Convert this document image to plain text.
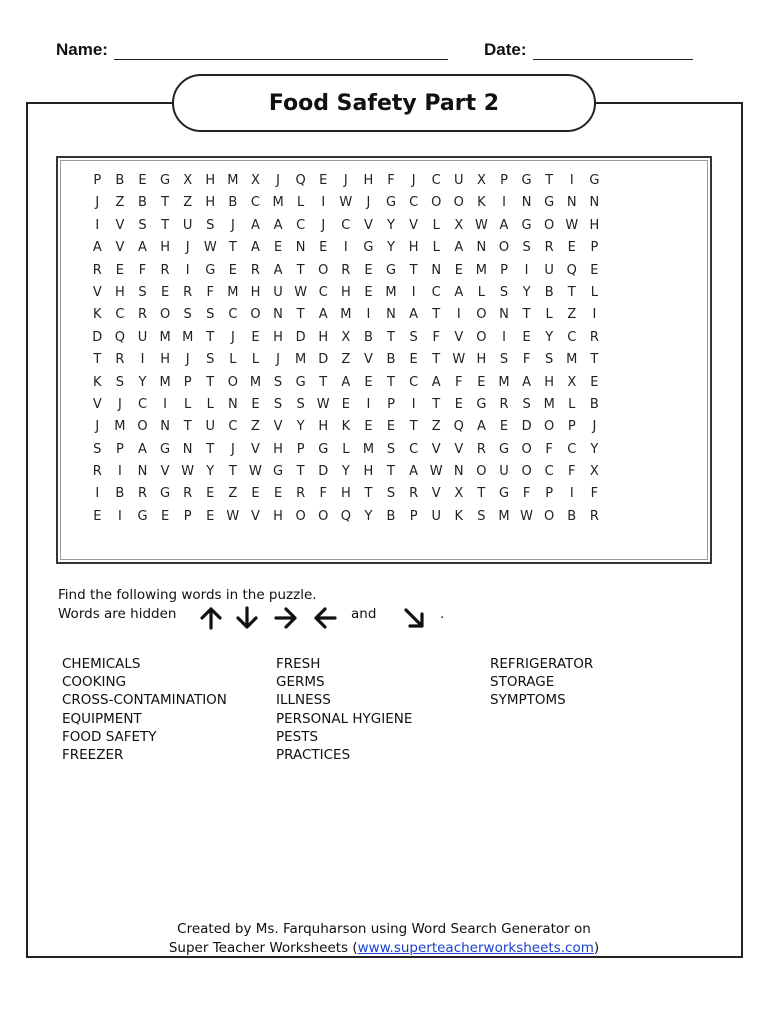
Name:	Date:
Food Safety Part 2
P	B	E	G	X	H M X	J	Q	E	J	H	F	J	C	U	X	P	G	T	I	G
J	Z	B	T	Z	H	B	C M	L	I	W	J	G	C O O	K	I	N G N N
I	V	S	T	U	S	J	A	A	C	J	C	V	Y	V	L	X W A	G O W H
A	V	A	H	J	W T	A	E	N	E	I	G	Y	H	L	A	N O	S	R	E	P
R	E	F	R	I	G	E	R	A	T	O R	E	G	T	N	E M	P	I	U Q	E
V	H	S	E	R	F	M H U W C	H	E M	I	C	A	L	S	Y	B	T	L
K	C	R O	S	S	C O N	T	A M	I	N	A	T	I	O N	T	L	Z	I
D Q U M M	T	J	E	H D H	X	B	T	S	F	V	O	I	E	Y	C	R
T	R	I	H	J	S	L	L	J	M D	Z	V	B	E	T W H	S	F	S M	T
K	S	Y	M	P	T	O M S	G	T	A	E	T	C	A	F	E M A	H	X	E
V	J	C	I	L	L	N	E	S	S W E	I	P	I	T	E	G	R	S M	L	B
J	M O N	T	U	C	Z	V	Y	H	K	E	E	T	Z	Q	A	E	D O	P	J
S	P	A	G N	T	J	V	H	P	G	L	M S	C	V	V	R	G O	F	C	Y
R	I	N	V W Y	T W G	T	D	Y	H	T	A W N O U O C	F	X
I	B	R	G	R	E	Z	E	E	R	F	H	T	S	R	V	X	T	G	F	P	I	F
E	I	G	E	P	E W V	H O O Q	Y	B	P	U	K	S M W O	B	R
Find the following words in the puzzle.
Words are hidden	and	.
CHEMICALS
COOKING
CROSS-CONTAMINATION
EQUIPMENT
FOOD SAFETY
FREEZER
FRESH
GERMS
ILLNESS
PERSONAL HYGIENE
PESTS
PRACTICES
REFRIGERATOR
STORAGE
SYMPTOMS
Created by Ms. Farquharson using Word Search Generator on
Super Teacher Worksheets (www.superteacherworksheets.com)
